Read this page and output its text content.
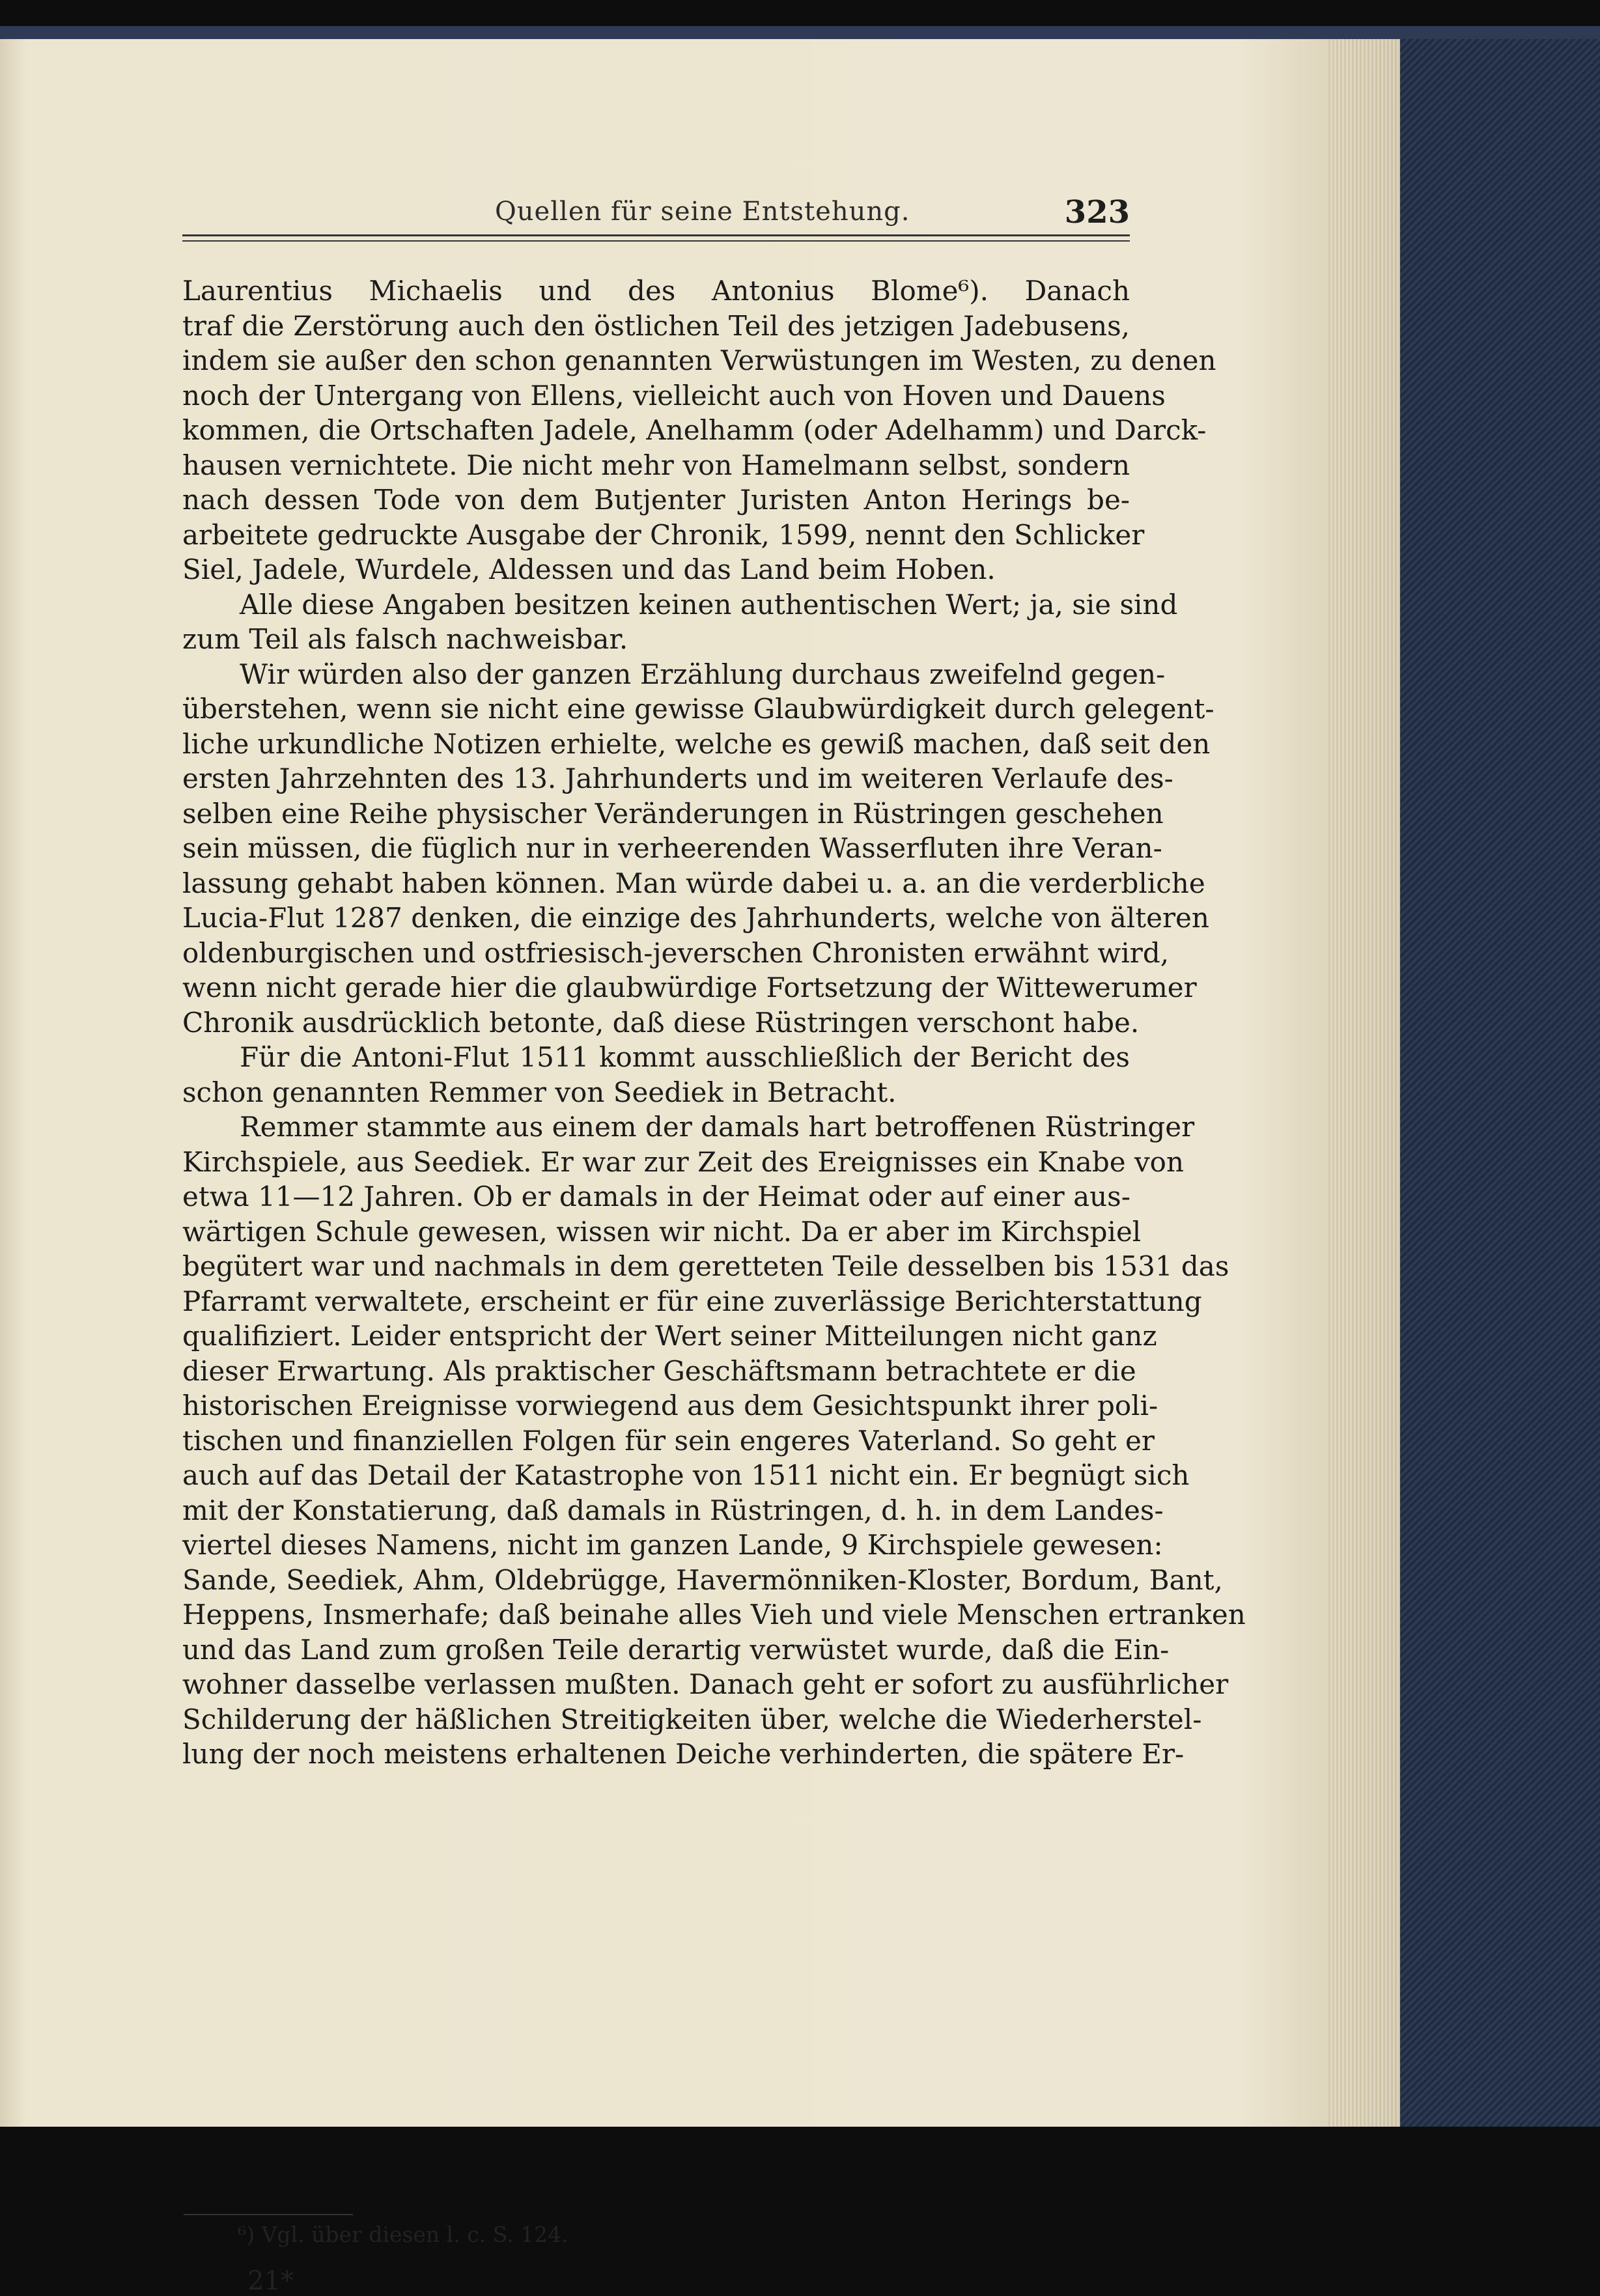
Quellen für seine Entstehung.	323
Laurentius Michaelis und des Antonius Blome⁶). Danach
traf die Zerstörung auch den östlichen Teil des jetzigen Jadebusens,
indem sie außer den schon genannten Verwüstungen im Westen, zu denen
noch der Untergang von Ellens, vielleicht auch von Hoven und Dauens
kommen, die Ortschaften Jadele, Anelhamm (oder Adelhamm) und Darck-
hausen vernichtete. Die nicht mehr von Hamelmann selbst, sondern
nach dessen Tode von dem Butjenter Juristen Anton Herings be-
arbeitete gedruckte Ausgabe der Chronik, 1599, nennt den Schlicker
Siel, Jadele, Wurdele, Aldessen und das Land beim Hoben.
Alle diese Angaben besitzen keinen authentischen Wert; ja, sie sind
zum Teil als falsch nachweisbar.
Wir würden also der ganzen Erzählung durchaus zweifelnd gegen-
überstehen, wenn sie nicht eine gewisse Glaubwürdigkeit durch gelegent-
liche urkundliche Notizen erhielte, welche es gewiß machen, daß seit den
ersten Jahrzehnten des 13. Jahrhunderts und im weiteren Verlaufe des-
selben eine Reihe physischer Veränderungen in Rüstringen geschehen
sein müssen, die füglich nur in verheerenden Wasserfluten ihre Veran-
lassung gehabt haben können. Man würde dabei u. a. an die verderbliche
Lucia-Flut 1287 denken, die einzige des Jahrhunderts, welche von älteren
oldenburgischen und ostfriesisch-jeverschen Chronisten erwähnt wird,
wenn nicht gerade hier die glaubwürdige Fortsetzung der Wittewerumer
Chronik ausdrücklich betonte, daß diese Rüstringen verschont habe.
Für die Antoni-Flut 1511 kommt ausschließlich der Bericht des
schon genannten Remmer von Seediek in Betracht.
Remmer stammte aus einem der damals hart betroffenen Rüstringer
Kirchspiele, aus Seediek. Er war zur Zeit des Ereignisses ein Knabe von
etwa 11—12 Jahren. Ob er damals in der Heimat oder auf einer aus-
wärtigen Schule gewesen, wissen wir nicht. Da er aber im Kirchspiel
begütert war und nachmals in dem geretteten Teile desselben bis 1531 das
Pfarramt verwaltete, erscheint er für eine zuverlässige Berichterstattung
qualifiziert. Leider entspricht der Wert seiner Mitteilungen nicht ganz
dieser Erwartung. Als praktischer Geschäftsmann betrachtete er die
historischen Ereignisse vorwiegend aus dem Gesichtspunkt ihrer poli-
tischen und finanziellen Folgen für sein engeres Vaterland. So geht er
auch auf das Detail der Katastrophe von 1511 nicht ein. Er begnügt sich
mit der Konstatierung, daß damals in Rüstringen, d. h. in dem Landes-
viertel dieses Namens, nicht im ganzen Lande, 9 Kirchspiele gewesen:
Sande, Seediek, Ahm, Oldebrügge, Havermönniken-Kloster, Bordum, Bant,
Heppens, Insmerhafe; daß beinahe alles Vieh und viele Menschen ertranken
und das Land zum großen Teile derartig verwüstet wurde, daß die Ein-
wohner dasselbe verlassen mußten. Danach geht er sofort zu ausführlicher
Schilderung der häßlichen Streitigkeiten über, welche die Wiederherstel-
lung der noch meistens erhaltenen Deiche verhinderten, die spätere Er-
⁶) Vgl. über diesen l. c. S. 124.
21*
